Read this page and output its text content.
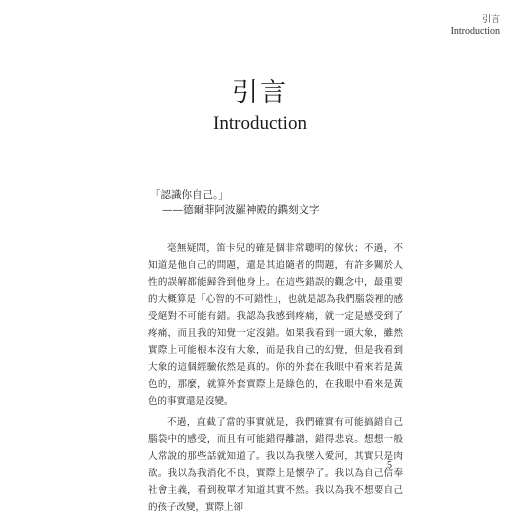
引言
Introduction
引言
Introduction
「認識你自己。」
——德爾菲阿波羅神殿的鐫刻文字

毫無疑問，笛卡兒的確是個非常聰明的傢伙；不過，不知道是他自己的問題，還是其追隨者的問題，有許多關於人性的誤解都能歸咎到他身上。在這些錯誤的觀念中，最重要的大概算是「心智的不可錯性」，也就是認為我們腦袋裡的感受絕對不可能有錯。我認為我感到疼痛，就一定是感受到了疼痛，而且我的知覺一定沒錯。如果我看到一頭大象，雖然實際上可能根本沒有大象，而是我自己的幻覺，但是我看到大象的這個經驗依然是真的。你的外套在我眼中看來若是黃色的，那麼，就算外套實際上是綠色的，在我眼中看來是黃色的事實還是沒變。

不過，直截了當的事實就是，我們確實有可能搞錯自己腦袋中的感受，而且有可能錯得離譜，錯得悲哀。想想一般人常說的那些話就知道了。我以為我墜入愛河，其實只是肉欲。我以為我消化不良，實際上是懷孕了。我以為自己信奉社會主義，看到稅單才知道其實不然。我以為我不想要自己的孩子改變，實際上卻

5
